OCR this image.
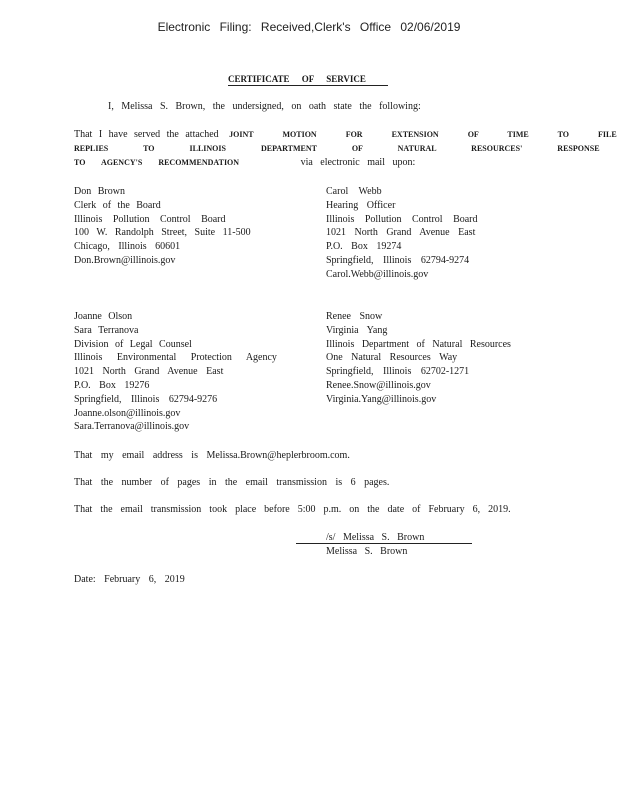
Electronic Filing: Received,Clerk's Office 02/06/2019
CERTIFICATE OF SERVICE
I, Melissa S. Brown, the undersigned, on oath state the following:
That I have served the attached JOINT MOTION FOR EXTENSION OF TIME TO FILE
REPLIES TO ILLINOIS DEPARTMENT OF NATURAL RESOURCES' RESPONSE
TO AGENCY'S RECOMMENDATION	via electronic mail upon:
Don Brown
Clerk of the Board
Illinois Pollution Control Board
100 W. Randolph Street, Suite 11-500
Chicago, Illinois 60601
Don.Brown@illinois.gov
Carol Webb
Hearing Officer
Illinois Pollution Control Board
1021 North Grand Avenue East
P.O. Box 19274
Springfield, Illinois 62794-9274
Carol.Webb@illinois.gov
Joanne Olson
Sara Terranova
Division of Legal Counsel
Illinois Environmental Protection Agency
1021 North Grand Avenue East
P.O. Box 19276
Springfield, Illinois 62794-9276
Joanne.olson@illinois.gov
Sara.Terranova@illinois.gov
Renee Snow
Virginia Yang
Illinois Department of Natural Resources
One Natural Resources Way
Springfield, Illinois 62702-1271
Renee.Snow@illinois.gov
Virginia.Yang@illinois.gov
That my email address is Melissa.Brown@heplerbroom.com.
That the number of pages in the email transmission is 6 pages.
That the email transmission took place before 5:00 p.m. on the date of February 6, 2019.
/s/ Melissa S. Brown
Melissa S. Brown
Date: February 6, 2019
